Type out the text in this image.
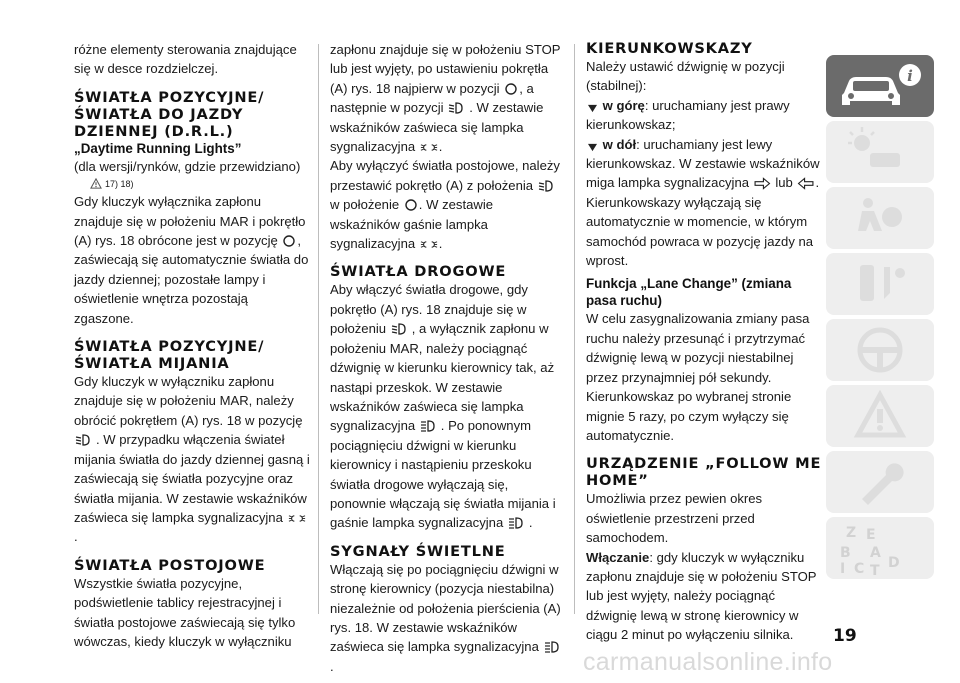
różne elementy sterowania znajdujące się w desce rozdzielczej.

ŚWIATŁA POZYCYJNE/ŚWIATŁA DO JAZDY DZIENNEJ (D.R.L.)
„Daytime Running Lights”

(dla wersji/rynków, gdzie przewidziano)

17) 18)

Gdy kluczyk wyłącznika zapłonu znajduje się w położeniu MAR i pokrętło (A) rys. 18 obrócone jest w pozycję , zaświecają się automatycznie światła do jazdy dziennej; pozostałe lampy i oświetlenie wnętrza pozostają zgaszone.

ŚWIATŁA POZYCYJNE/ŚWIATŁA MIJANIA

Gdy kluczyk w wyłączniku zapłonu znajduje się w położeniu MAR, należy obrócić pokrętłem (A) rys. 18 w pozycję . W przypadku włączenia świateł mijania światła do jazdy dziennej gasną i zaświecają się światła pozycyjne oraz światła mijania. W zestawie wskaźników zaświeca się lampka sygnalizacyjna .

ŚWIATŁA POSTOJOWE

Wszystkie światła pozycyjne, podświetlenie tablicy rejestracyjnej i światła postojowe zaświecają się tylko wówczas, kiedy kluczyk w wyłączniku

zapłonu znajduje się w położeniu STOP lub jest wyjęty, po ustawieniu pokrętła (A) rys. 18 najpierw w pozycji , a następnie w pozycji . W zestawie wskaźników zaświeca się lampka sygnalizacyjna .

Aby wyłączyć światła postojowe, należy przestawić pokrętło (A) z położenia  w położenie . W zestawie wskaźników gaśnie lampka sygnalizacyjna .

ŚWIATŁA DROGOWE

Aby włączyć światła drogowe, gdy pokrętło (A) rys. 18 znajduje się w położeniu , a wyłącznik zapłonu w położeniu MAR, należy pociągnąć dźwignię w kierunku kierownicy tak, aż nastąpi przeskok. W zestawie wskaźników zaświeca się lampka sygnalizacyjna . Po ponownym pociągnięciu dźwigni w kierunku kierownicy i nastąpieniu przeskoku światła drogowe wyłączają się, ponownie włączają się światła mijania i gaśnie lampka sygnalizacyjna .

SYGNAŁY ŚWIETLNE

Włączają się po pociągnięciu dźwigni w stronę kierownicy (pozycja niestabilna) niezależnie od położenia pierścienia (A) rys. 18. W zestawie wskaźników zaświeca się lampka sygnalizacyjna .

KIERUNKOWSKAZY

Należy ustawić dźwignię w pozycji (stabilnej):

w górę: uruchamiany jest prawy kierunkowskaz;

w dół: uruchamiany jest lewy kierunkowskaz. W zestawie wskaźników miga lampka sygnalizacyjna lub .

Kierunkowskazy wyłączają się automatycznie w momencie, w którym samochód powraca w pozycję jazdy na wprost.

Funkcja „Lane Change” (zmiana pasa ruchu)

W celu zasygnalizowania zmiany pasa ruchu należy przesunąć i przytrzymać dźwignię lewą w pozycji niestabilnej przez przynajmniej pół sekundy. Kierunkowskaz po wybranej stronie mignie 5 razy, po czym wyłączy się automatycznie.

URZĄDZENIE „FOLLOW ME HOME”

Umożliwia przez pewien okres oświetlenie przestrzeni przed samochodem.

Włączanie: gdy kluczyk w wyłączniku zapłonu znajduje się w położeniu STOP lub jest wyjęty, należy pociągnąć dźwignię lewą w stronę kierownicy w ciągu 2 minut po wyłączeniu silnika.

i
Z E
B A
C D
I T
19
carmanualsonline.info
